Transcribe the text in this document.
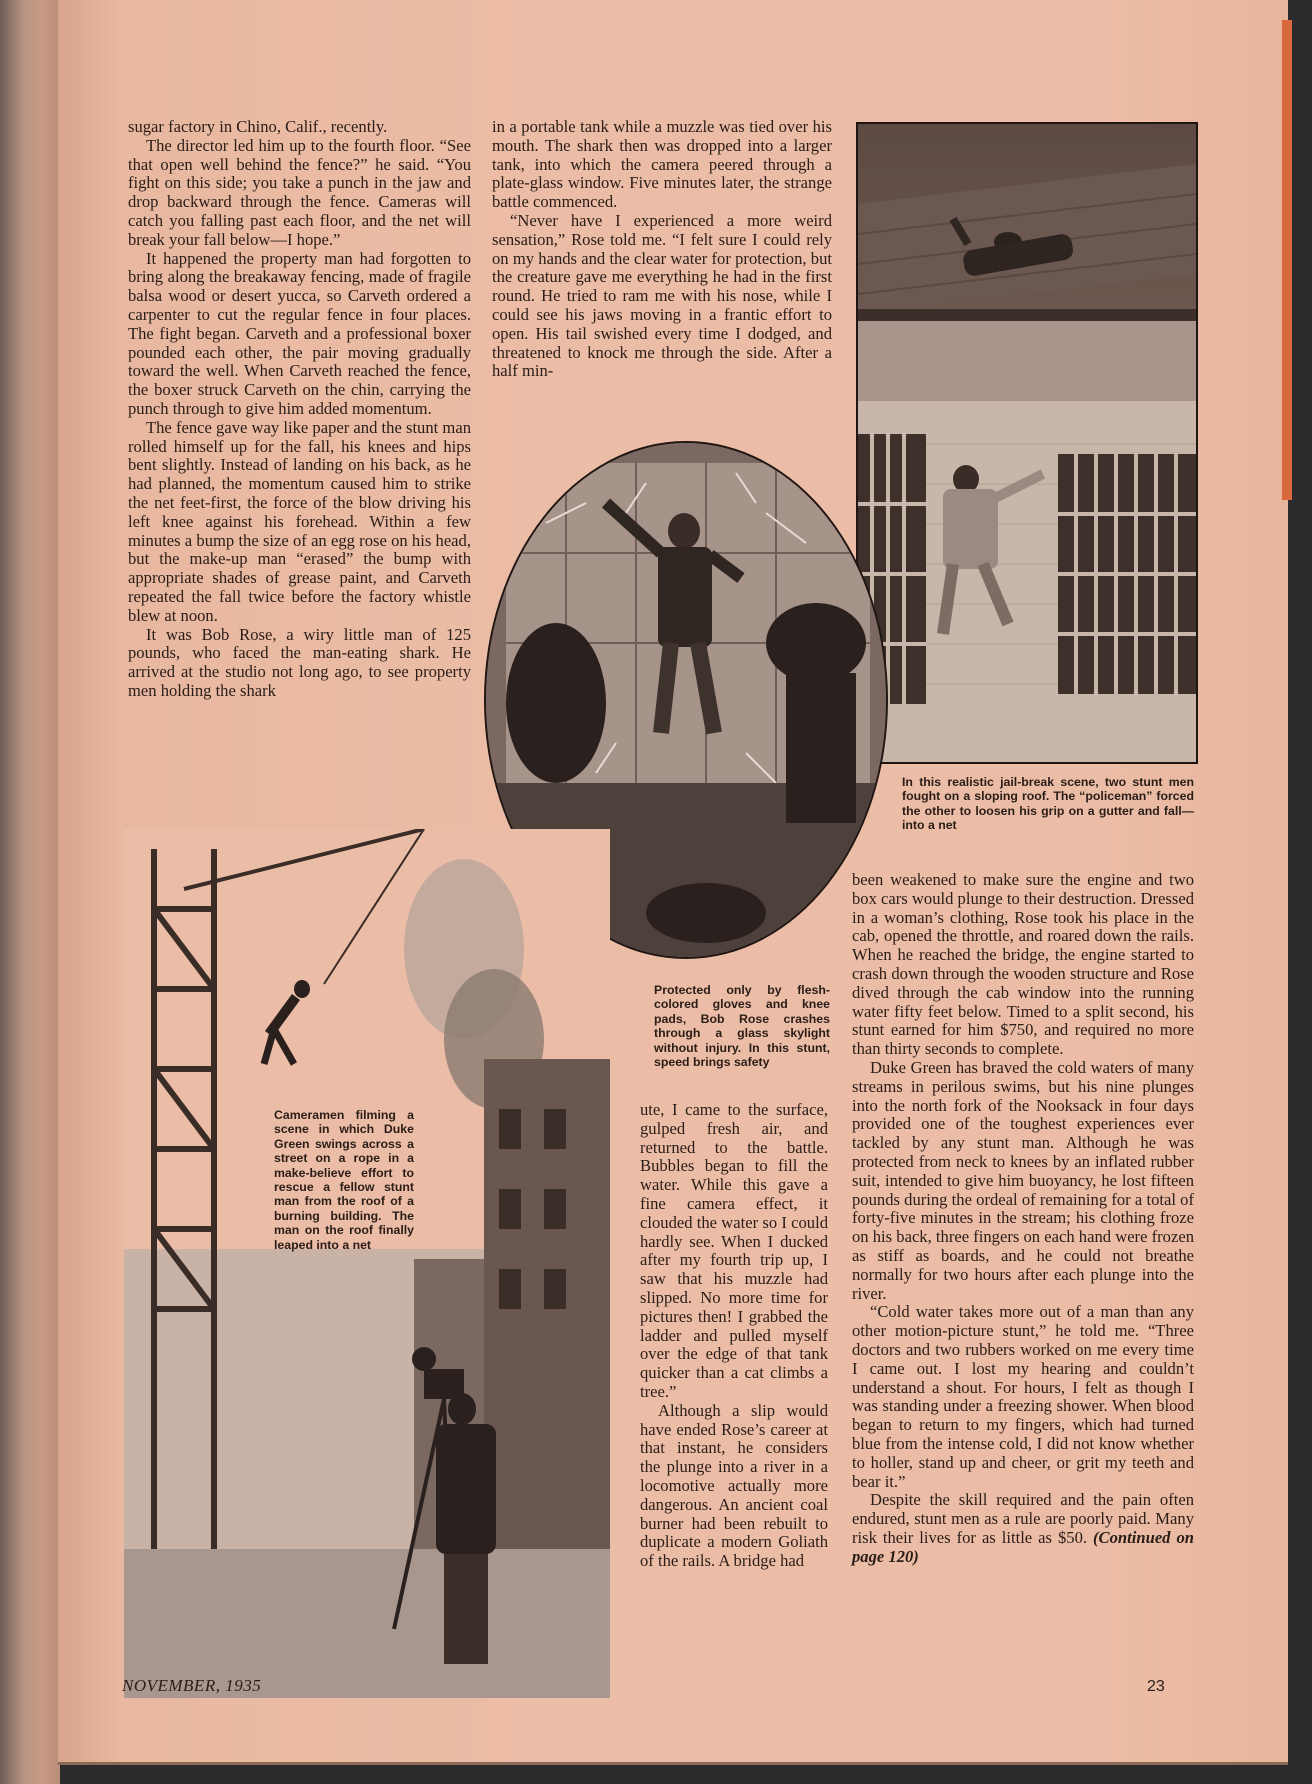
sugar factory in Chino, Calif., recently.

The director led him up to the fourth floor. “See that open well behind the fence?” he said. “You fight on this side; you take a punch in the jaw and drop backward through the fence. Cameras will catch you falling past each floor, and the net will break your fall below—I hope.”

It happened the property man had forgotten to bring along the breakaway fencing, made of fragile balsa wood or desert yucca, so Carveth ordered a carpenter to cut the regular fence in four places. The fight began. Carveth and a professional boxer pounded each other, the pair moving gradually toward the well. When Carveth reached the fence, the boxer struck Carveth on the chin, carrying the punch through to give him added momentum.

The fence gave way like paper and the stunt man rolled himself up for the fall, his knees and hips bent slightly. Instead of landing on his back, as he had planned, the momentum caused him to strike the net feet-first, the force of the blow driving his left knee against his forehead. Within a few minutes a bump the size of an egg rose on his head, but the make-up man “erased” the bump with appropriate shades of grease paint, and Carveth repeated the fall twice before the factory whistle blew at noon.

It was Bob Rose, a wiry little man of 125 pounds, who faced the man-eating shark. He arrived at the studio not long ago, to see property men holding the shark

in a portable tank while a muzzle was tied over his mouth. The shark then was dropped into a larger tank, into which the camera peered through a plate-glass window. Five minutes later, the strange battle commenced.

“Never have I experienced a more weird sensation,” Rose told me. “I felt sure I could rely on my hands and the clear water for protection, but the creature gave me everything he had in the first round. He tried to ram me with his nose, while I could see his jaws moving in a frantic effort to open. His tail swished every time I dodged, and threatened to knock me through the side. After a half min-

In this realistic jail-break scene, two stunt men fought on a sloping roof. The “policeman” forced the other to loosen his grip on a gutter and fall—into a net
Protected only by flesh-colored gloves and knee pads, Bob Rose crashes through a glass skylight without injury. In this stunt, speed brings safety
Cameramen filming a scene in which Duke Green swings across a street on a rope in a make-believe effort to rescue a fellow stunt man from the roof of a burning building. The man on the roof finally leaped into a net

ute, I came to the surface, gulped fresh air, and returned to the battle. Bubbles began to fill the water. While this gave a fine camera effect, it clouded the water so I could hardly see. When I ducked after my fourth trip up, I saw that his muzzle had slipped. No more time for pictures then! I grabbed the ladder and pulled myself over the edge of that tank quicker than a cat climbs a tree.”

Although a slip would have ended Rose’s career at that instant, he considers the plunge into a river in a locomotive actually more dangerous. An ancient coal burner had been rebuilt to duplicate a modern Goliath of the rails. A bridge had

been weakened to make sure the engine and two box cars would plunge to their destruction. Dressed in a woman’s clothing, Rose took his place in the cab, opened the throttle, and roared down the rails. When he reached the bridge, the engine started to crash down through the wooden structure and Rose dived through the cab window into the running water fifty feet below. Timed to a split second, his stunt earned for him $750, and required no more than thirty seconds to complete.

Duke Green has braved the cold waters of many streams in perilous swims, but his nine plunges into the north fork of the Nooksack in four days provided one of the toughest experiences ever tackled by any stunt man. Although he was protected from neck to knees by an inflated rubber suit, intended to give him buoyancy, he lost fifteen pounds during the ordeal of remaining for a total of forty-five minutes in the stream; his clothing froze on his back, three fingers on each hand were frozen as stiff as boards, and he could not breathe normally for two hours after each plunge into the river.

“Cold water takes more out of a man than any other motion-picture stunt,” he told me. “Three doctors and two rubbers worked on me every time I came out. I lost my hearing and couldn’t understand a shout. For hours, I felt as though I was standing under a freezing shower. When blood began to return to my fingers, which had turned blue from the intense cold, I did not know whether to holler, stand up and cheer, or grit my teeth and bear it.”

Despite the skill required and the pain often endured, stunt men as a rule are poorly paid. Many risk their lives for as little as $50. (Continued on page 120)

NOVEMBER, 1935	23
